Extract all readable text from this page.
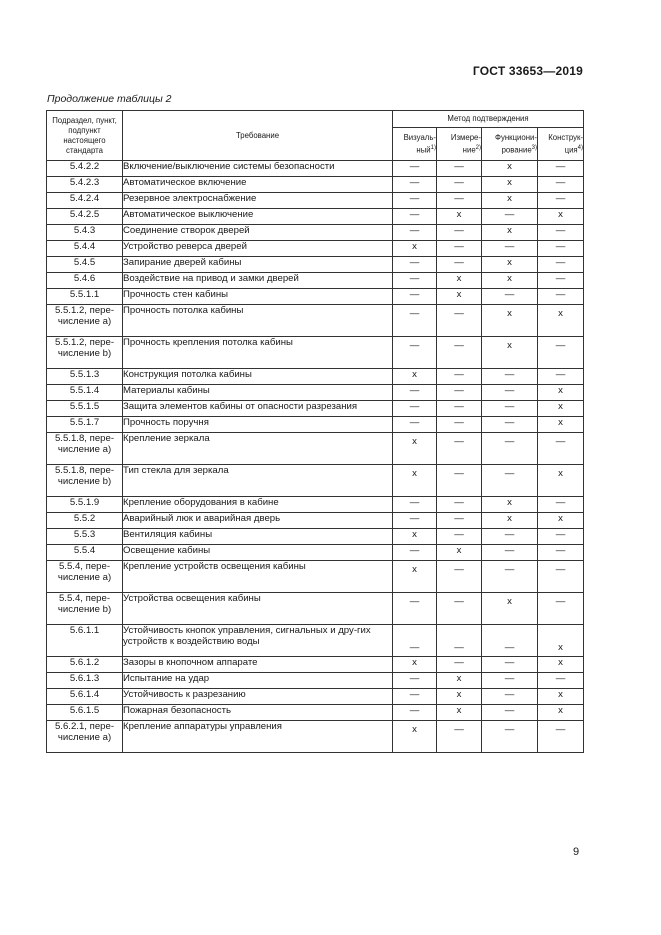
ГОСТ 33653—2019
Продолжение таблицы 2
Подраздел, пункт, подпункт настоящего стандарта	Требование	Метод подтверждения			
		Визуаль-ный$^{1)}$	Измере-ние$^{2)}$	Функциони-рование$^{3)}$	Конструк-ция$^{4)}$
5.4.2.2	Включение/выключение системы безопасности	—	—	x	—
5.4.2.3	Автоматическое включение	—	—	x	—
5.4.2.4	Резервное электроснабжение	—	—	x	—
5.4.2.5	Автоматическое выключение	—	x	—	x
5.4.3	Соединение створок дверей	—	—	x	—
5.4.4	Устройство реверса дверей	x	—	—	—
5.4.5	Запирание дверей кабины	—	—	x	—
5.4.6	Воздействие на привод и замки дверей	—	x	x	—
5.5.1.1	Прочность стен кабины	—	x	—	—
5.5.1.2, пере-числение a)	Прочность потолка кабины	—	—	x	x
5.5.1.2, пере-числение b)	Прочность крепления потолка кабины	—	—	x	—
5.5.1.3	Конструкция потолка кабины	x	—	—	—
5.5.1.4	Материалы кабины	—	—	—	x
5.5.1.5	Защита элементов кабины от опасности разрезания	—	—	—	x
5.5.1.7	Прочность поручня	—	—	—	x
5.5.1.8, пере-числение a)	Крепление зеркала	x	—	—	—
5.5.1.8, пере-числение b)	Тип стекла для зеркала	x	—	—	x
5.5.1.9	Крепление оборудования в кабине	—	—	x	—
5.5.2	Аварийный люк и аварийная дверь	—	—	x	x
5.5.3	Вентиляция кабины	x	—	—	—
5.5.4	Освещение кабины	—	x	—	—
5.5.4, пере-числение a)	Крепление устройств освещения кабины	x	—	—	—
5.5.4, пере-числение b)	Устройства освещения кабины	—	—	x	—
5.6.1.1	Устойчивость кнопок управления, сигнальных и дру-гих устройств к воздействию воды	—	—	—	x
5.6.1.2	Зазоры в кнопочном аппарате	x	—	—	x
5.6.1.3	Испытание на удар	—	x	—	—
5.6.1.4	Устойчивость к разрезанию	—	x	—	x
5.6.1.5	Пожарная безопасность	—	x	—	x
5.6.2.1, пере-числение a)	Крепление аппаратуры управления	x	—	—	—
9
